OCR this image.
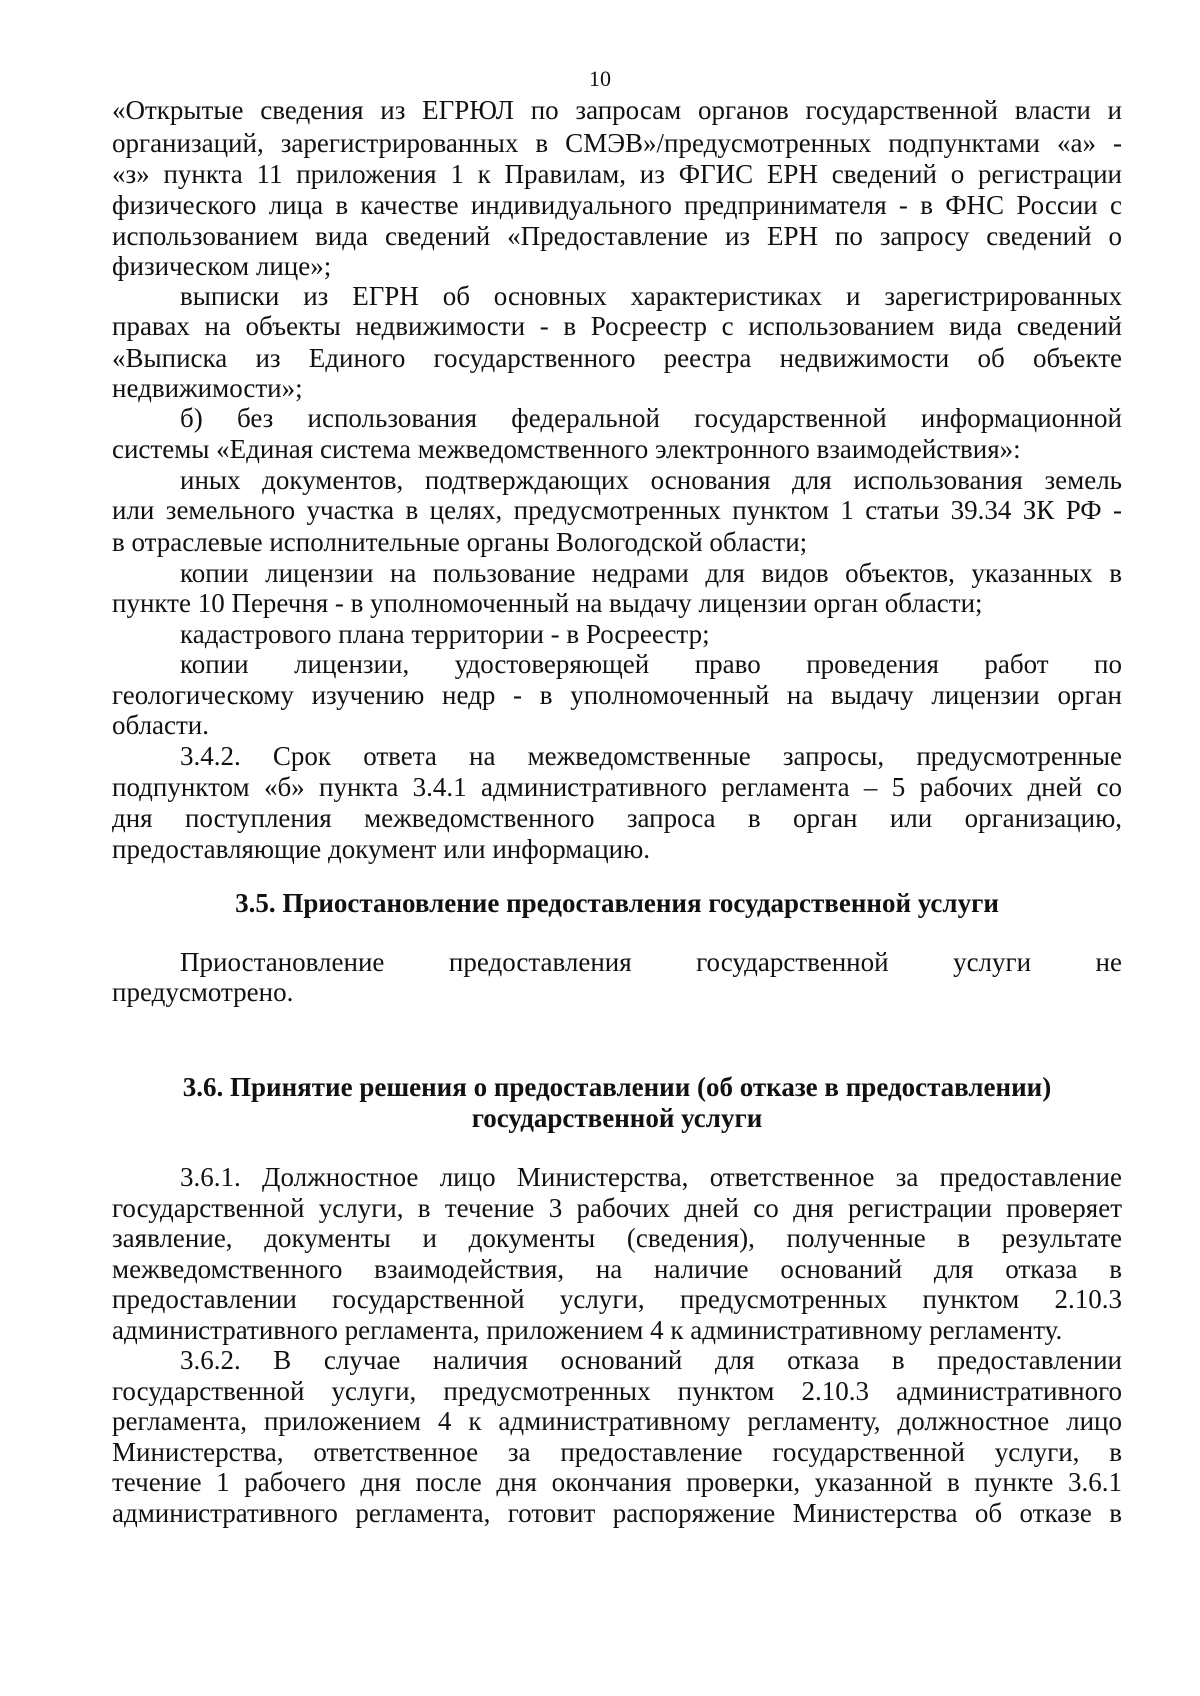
10
«Открытые сведения из ЕГРЮЛ по запросам органов государственной власти и
организаций, зарегистрированных в СМЭВ»/предусмотренных подпунктами «а» -
«з» пункта 11 приложения 1 к Правилам, из ФГИС ЕРН сведений о регистрации
физического лица в качестве индивидуального предпринимателя - в ФНС России с
использованием вида сведений «Предоставление из ЕРН по запросу сведений о
физическом лице»;
выписки из ЕГРН об основных характеристиках и зарегистрированных
правах на объекты недвижимости - в Росреестр с использованием вида сведений
«Выписка из Единого государственного реестра недвижимости об объекте
недвижимости»;
б) без использования федеральной государственной информационной
системы «Единая система межведомственного электронного взаимодействия»:
иных документов, подтверждающих основания для использования земель
или земельного участка в целях, предусмотренных пунктом 1 статьи 39.34 ЗК РФ -
в отраслевые исполнительные органы Вологодской области;
копии лицензии на пользование недрами для видов объектов, указанных в
пункте 10 Перечня - в уполномоченный на выдачу лицензии орган области;
кадастрового плана территории - в Росреестр;
копии лицензии, удостоверяющей право проведения работ по
геологическому изучению недр - в уполномоченный на выдачу лицензии орган
области.
3.4.2. Срок ответа на межведомственные запросы, предусмотренные
подпунктом «б» пункта 3.4.1 административного регламента – 5 рабочих дней со
дня поступления межведомственного запроса в орган или организацию,
предоставляющие документ или информацию.
3.5. Приостановление предоставления государственной услуги
Приостановление предоставления государственной услуги не
предусмотрено.
3.6. Принятие решения о предоставлении (об отказе в предоставлении)
государственной услуги
3.6.1. Должностное лицо Министерства, ответственное за предоставление
государственной услуги, в течение 3 рабочих дней со дня регистрации проверяет
заявление, документы и документы (сведения), полученные в результате
межведомственного взаимодействия, на наличие оснований для отказа в
предоставлении государственной услуги, предусмотренных пунктом 2.10.3
административного регламента, приложением 4 к административному регламенту.
3.6.2. В случае наличия оснований для отказа в предоставлении
государственной услуги, предусмотренных пунктом 2.10.3 административного
регламента, приложением 4 к административному регламенту, должностное лицо
Министерства, ответственное за предоставление государственной услуги, в
течение 1 рабочего дня после дня окончания проверки, указанной в пункте 3.6.1
административного регламента, готовит распоряжение Министерства об отказе в
